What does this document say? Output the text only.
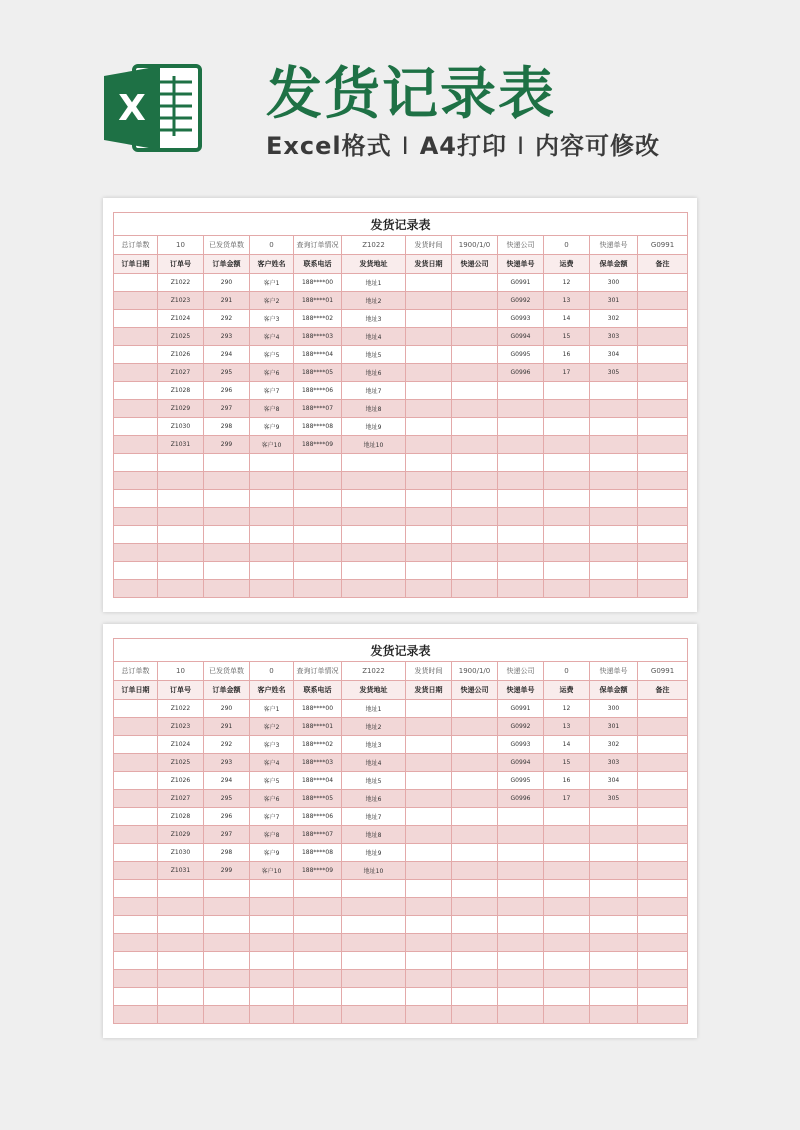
X 发货记录表
Excel格式 I A4打印 I 内容可修改
发货记录表											
总订单数	10	已发货单数	0	查询订单情况	Z1022	发货时间	1900/1/0	快递公司	0	快递单号	G0991
订单日期	订单号	订单金额	客户姓名	联系电话	发货地址	发货日期	快递公司	快递单号	运费	保单金额	备注
	Z1022	290	客户1	188****00	地址1			G0991	12	300	
	Z1023	291	客户2	188****01	地址2			G0992	13	301	
	Z1024	292	客户3	188****02	地址3			G0993	14	302	
	Z1025	293	客户4	188****03	地址4			G0994	15	303	
	Z1026	294	客户5	188****04	地址5			G0995	16	304	
	Z1027	295	客户6	188****05	地址6			G0996	17	305	
	Z1028	296	客户7	188****06	地址7						
	Z1029	297	客户8	188****07	地址8						
	Z1030	298	客户9	188****08	地址9						
	Z1031	299	客户10	188****09	地址10						

发货记录表											
总订单数	10	已发货单数	0	查询订单情况	Z1022	发货时间	1900/1/0	快递公司	0	快递单号	G0991
订单日期	订单号	订单金额	客户姓名	联系电话	发货地址	发货日期	快递公司	快递单号	运费	保单金额	备注
	Z1022	290	客户1	188****00	地址1			G0991	12	300	
	Z1023	291	客户2	188****01	地址2			G0992	13	301	
	Z1024	292	客户3	188****02	地址3			G0993	14	302	
	Z1025	293	客户4	188****03	地址4			G0994	15	303	
	Z1026	294	客户5	188****04	地址5			G0995	16	304	
	Z1027	295	客户6	188****05	地址6			G0996	17	305	
	Z1028	296	客户7	188****06	地址7						
	Z1029	297	客户8	188****07	地址8						
	Z1030	298	客户9	188****08	地址9						
	Z1031	299	客户10	188****09	地址10						
